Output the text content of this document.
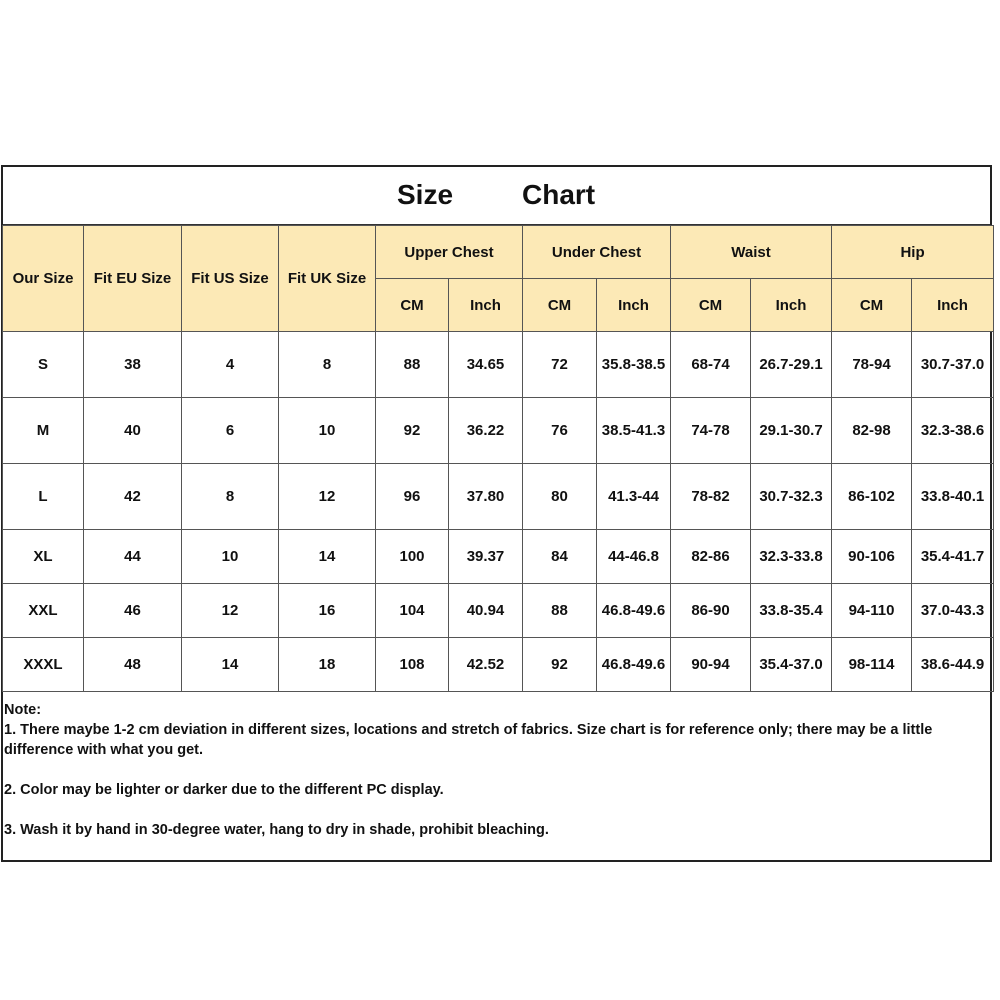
Size Chart
Our Size	Fit EU Size	Fit US Size	Fit UK Size	Upper Chest		Under Chest		Waist		Hip	
				CM	Inch	CM	Inch	CM	Inch	CM	Inch
S	38	4	8	88	34.65	72	35.8-38.5	68-74	26.7-29.1	78-94	30.7-37.0
M	40	6	10	92	36.22	76	38.5-41.3	74-78	29.1-30.7	82-98	32.3-38.6
L	42	8	12	96	37.80	80	41.3-44	78-82	30.7-32.3	86-102	33.8-40.1
XL	44	10	14	100	39.37	84	44-46.8	82-86	32.3-33.8	90-106	35.4-41.7
XXL	46	12	16	104	40.94	88	46.8-49.6	86-90	33.8-35.4	94-110	37.0-43.3
XXXL	48	14	18	108	42.52	92	46.8-49.6	90-94	35.4-37.0	98-114	38.6-44.9

Note:

1. There maybe 1-2 cm deviation in different sizes, locations and stretch of fabrics. Size chart is for reference only; there may be a little difference with what you get.

2. Color may be lighter or darker due to the different PC display.

3. Wash it by hand in 30-degree water, hang to dry in shade, prohibit bleaching.
